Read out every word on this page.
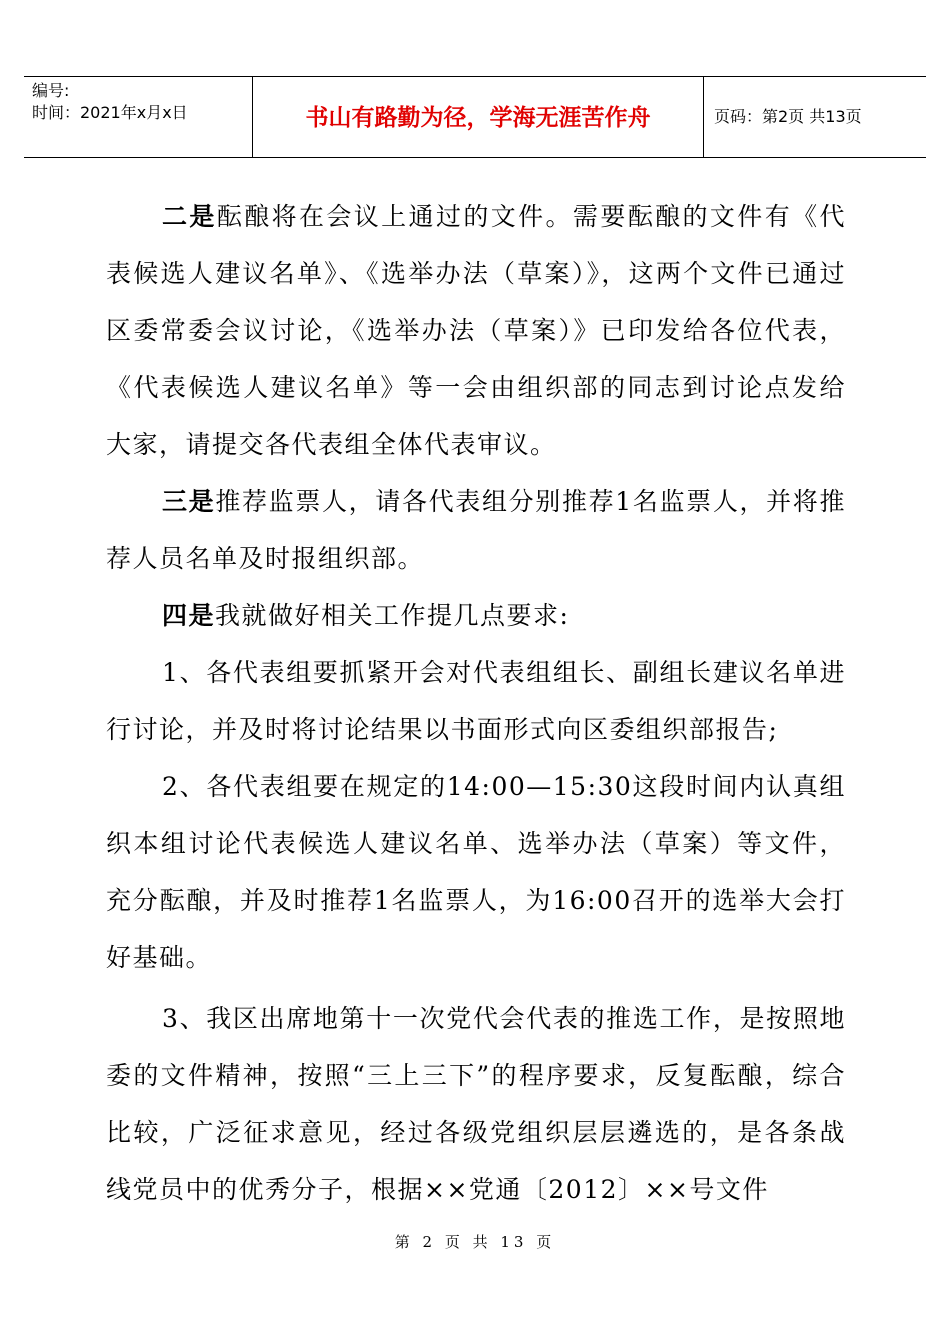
编号:
时间：2021年x月x日	书山有路勤为径，学海无涯苦作舟	页码：第2页 共13页

二是酝酿将在会议上通过的文件。需要酝酿的文件有《代表候选人建议名单》、《选举办法（草案）》，这两个文件已通过区委常委会议讨论，《选举办法（草案）》已印发给各位代表，《代表候选人建议名单》等一会由组织部的同志到讨论点发给大家，请提交各代表组全体代表审议。

三是推荐监票人，请各代表组分别推荐1名监票人，并将推荐人员名单及时报组织部。

四是我就做好相关工作提几点要求:

1、各代表组要抓紧开会对代表组组长、副组长建议名单进行讨论，并及时将讨论结果以书面形式向区委组织部报告;

2、各代表组要在规定的14:00—15:30这段时间内认真组织本组讨论代表候选人建议名单、选举办法（草案）等文件，充分酝酿，并及时推荐1名监票人，为16:00召开的选举大会打好基础。

3、我区出席地第十一次党代会代表的推选工作，是按照地委的文件精神，按照“三上三下”的程序要求，反复酝酿，综合比较，广泛征求意见，经过各级党组织层层遴选的，是各条战线党员中的优秀分子，根据××党通〔2012〕××号文件

第 2 页 共 13 页
